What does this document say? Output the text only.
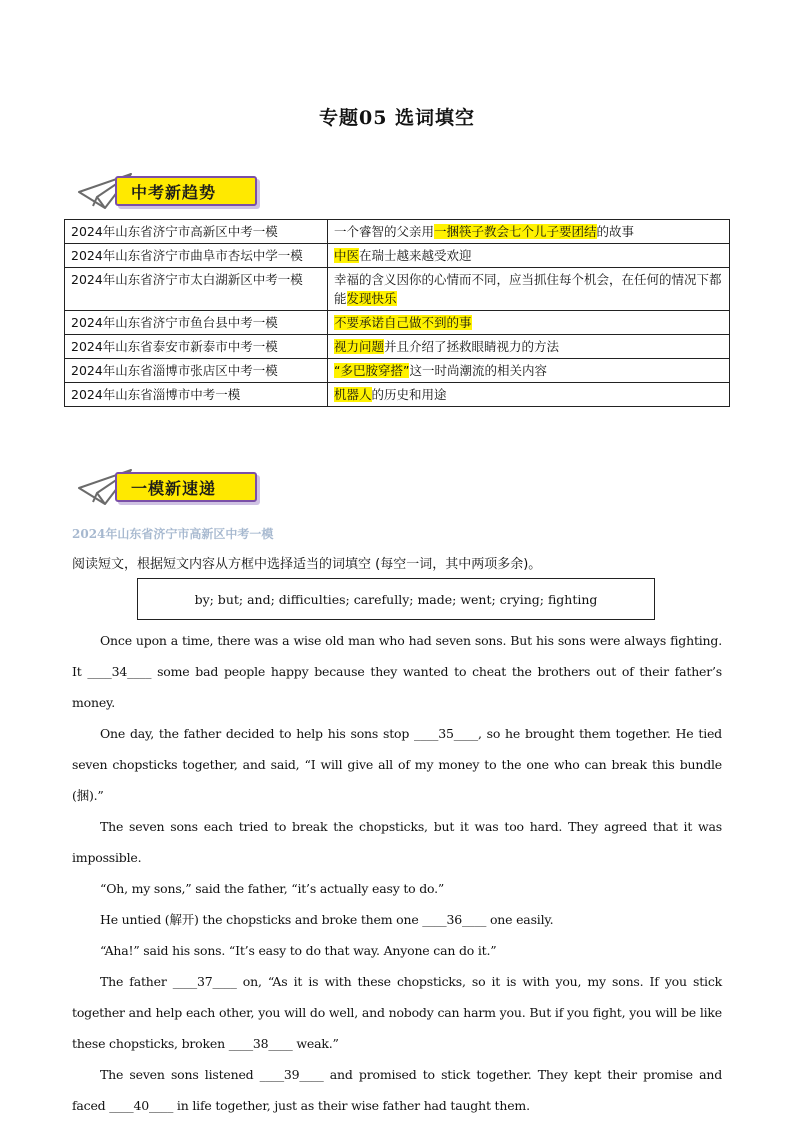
专题05 选词填空
中考新趋势
2024年山东省济宁市高新区中考一模	一个睿智的父亲用一捆筷子教会七个儿子要团结的故事
2024年山东省济宁市曲阜市杏坛中学一模	中医在瑞士越来越受欢迎
2024年山东省济宁市太白湖新区中考一模	幸福的含义因你的心情而不同，应当抓住每个机会，在任何的情况下都能发现快乐
2024年山东省济宁市鱼台县中考一模	不要承诺自己做不到的事
2024年山东省泰安市新泰市中考一模	视力问题并且介绍了拯救眼睛视力的方法
2024年山东省淄博市张店区中考一模	“多巴胺穿搭”这一时尚潮流的相关内容
2024年山东省淄博市中考一模	机器人的历史和用途
一模新速递
2024年山东省济宁市高新区中考一模
阅读短文，根据短文内容从方框中选择适当的词填空 (每空一词，其中两项多余)。
by; but; and; difficulties; carefully; made; went; crying; fighting

Once upon a time, there was a wise old man who had seven sons. But his sons were always fighting. It ____34____ some bad people happy because they wanted to cheat the brothers out of their father’s money.

One day, the father decided to help his sons stop ____35____, so he brought them together. He tied seven chopsticks together, and said, “I will give all of my money to the one who can break this bundle (捆).”

The seven sons each tried to break the chopsticks, but it was too hard. They agreed that it was impossible.

“Oh, my sons,” said the father, “it’s actually easy to do.”

He untied (解开) the chopsticks and broke them one ____36____ one easily.

“Aha!” said his sons. “It’s easy to do that way. Anyone can do it.”

The father ____37____ on, “As it is with these chopsticks, so it is with you, my sons. If you stick together and help each other, you will do well, and nobody can harm you. But if you fight, you will be like these chopsticks, broken ____38____ weak.”

The seven sons listened ____39____ and promised to stick together. They kept their promise and faced ____40____ in life together, just as their wise father had taught them.
